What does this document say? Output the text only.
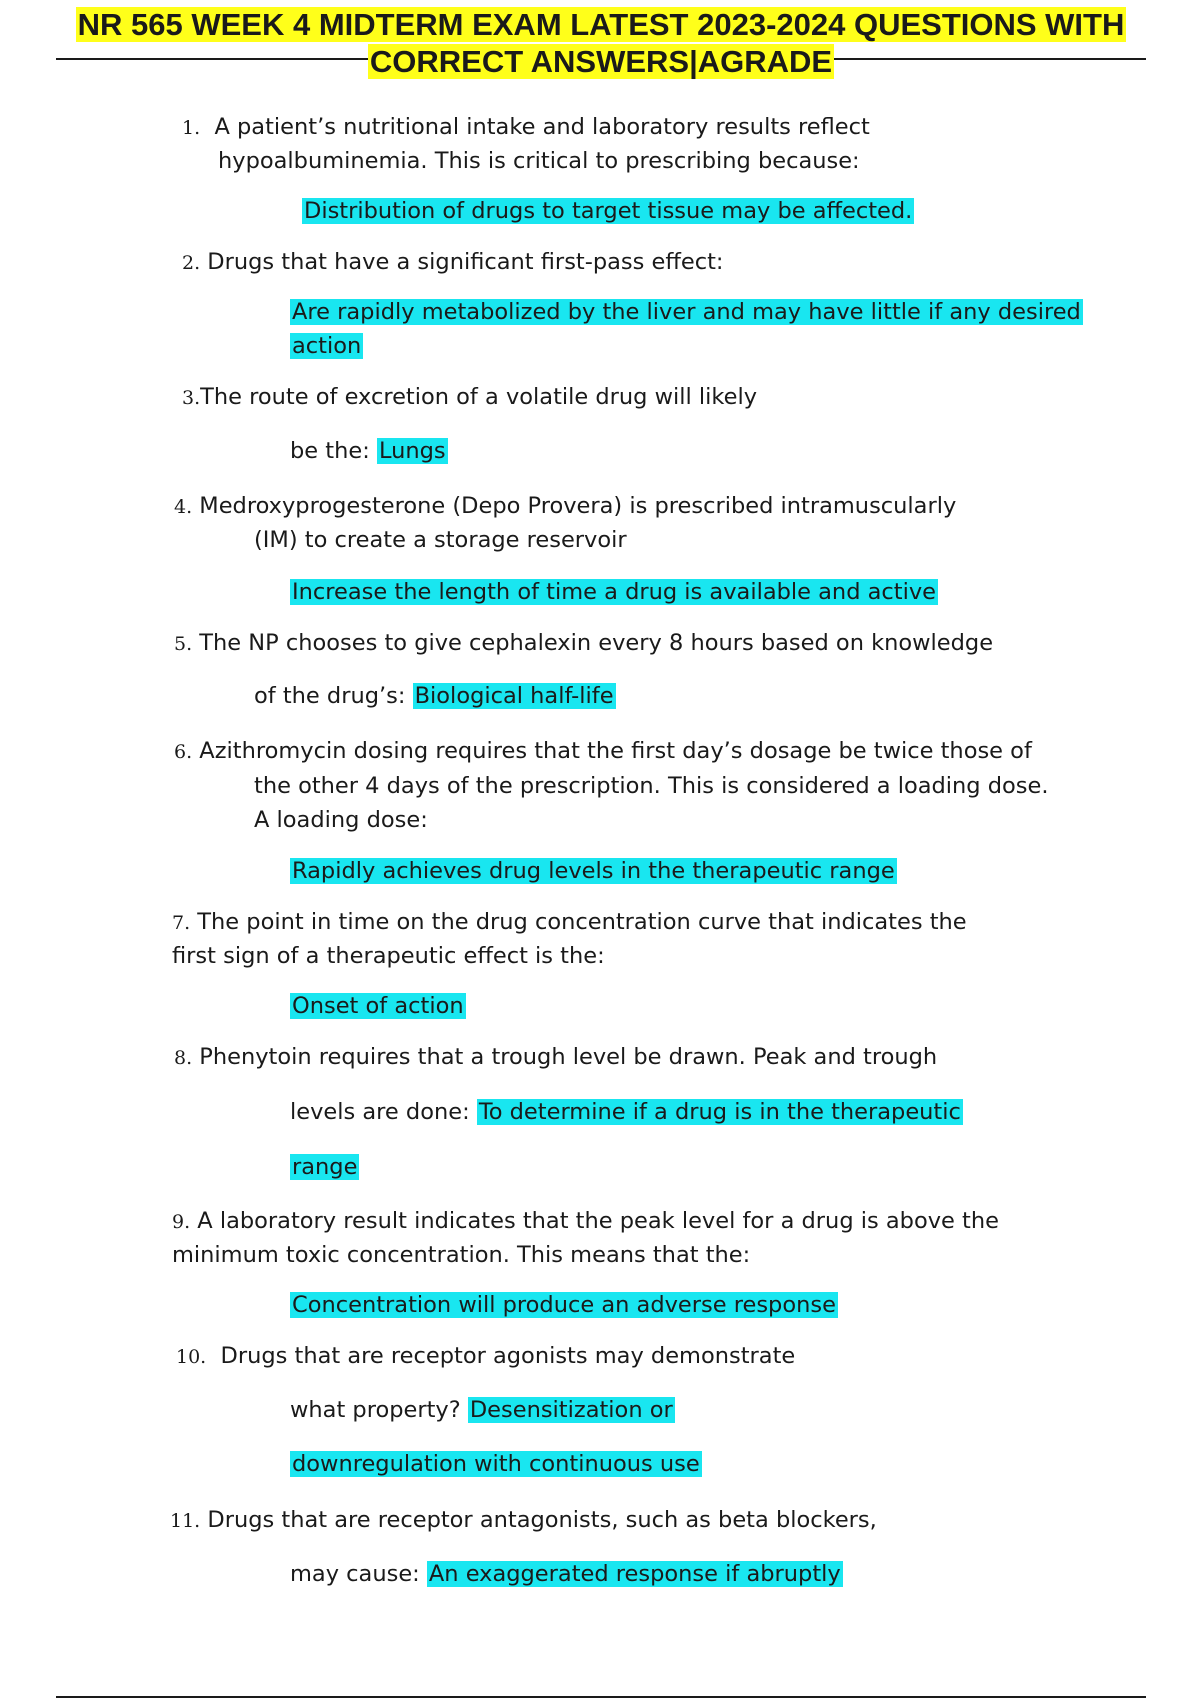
NR 565 WEEK 4 MIDTERM EXAM LATEST 2023-2024 QUESTIONS WITH
CORRECT ANSWERS|AGRADE
1. A patient’s nutritional intake and laboratory results reflect
hypoalbuminemia. This is critical to prescribing because:
Distribution of drugs to target tissue may be affected.
2. Drugs that have a significant first-pass effect:
Are rapidly metabolized by the liver and may have little if any desired
action
3.The route of excretion of a volatile drug will likely
be the: Lungs
4. Medroxyprogesterone (Depo Provera) is prescribed intramuscularly
(IM) to create a storage reservoir
Increase the length of time a drug is available and active
5. The NP chooses to give cephalexin every 8 hours based on knowledge
of the drug’s: Biological half-life
6. Azithromycin dosing requires that the first day’s dosage be twice those of
the other 4 days of the prescription. This is considered a loading dose.
A loading dose:
Rapidly achieves drug levels in the therapeutic range
7. The point in time on the drug concentration curve that indicates the
first sign of a therapeutic effect is the:
Onset of action
8. Phenytoin requires that a trough level be drawn. Peak and trough
levels are done: To determine if a drug is in the therapeutic
range
9. A laboratory result indicates that the peak level for a drug is above the
minimum toxic concentration. This means that the:
Concentration will produce an adverse response
10. Drugs that are receptor agonists may demonstrate
what property? Desensitization or
downregulation with continuous use
11. Drugs that are receptor antagonists, such as beta blockers,
may cause: An exaggerated response if abruptly
